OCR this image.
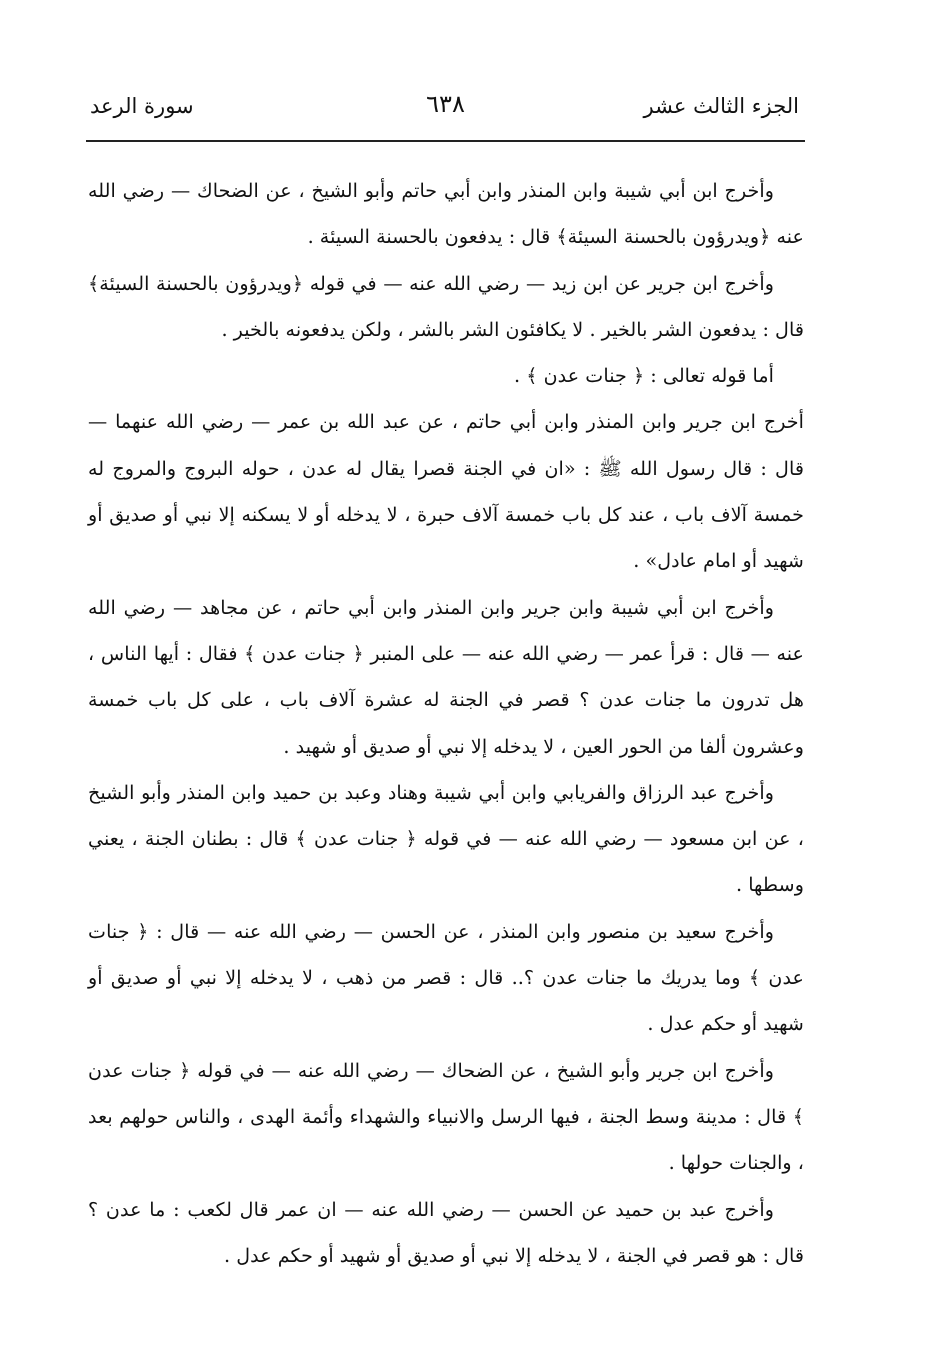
الجزء الثالث عشر
٦٣٨
سورة الرعد

وأخرج ابن أبي شيبة وابن المنذر وابن أبي حاتم وأبو الشيخ ، عن الضحاك — رضي الله عنه ﴿ويدرؤون بالحسنة السيئة﴾ قال : يدفعون بالحسنة السيئة .

وأخرج ابن جرير عن ابن زيد — رضي الله عنه — في قوله ﴿ويدرؤون بالحسنة السيئة﴾ قال : يدفعون الشر بالخير . لا يكافئون الشر بالشر ، ولكن يدفعونه بالخير .

أما قوله تعالى : ﴿ جنات عدن ﴾ .

أخرج ابن جرير وابن المنذر وابن أبي حاتم ، عن عبد الله بن عمر — رضي الله عنهما — قال : قال رسول الله ﷺ : «ان في الجنة قصرا يقال له عدن ، حوله البروج والمروج له خمسة آلاف باب ، عند كل باب خمسة آلاف حبرة ، لا يدخله أو لا يسكنه إلا نبي أو صديق أو شهيد أو امام عادل» .

وأخرج ابن أبي شيبة وابن جرير وابن المنذر وابن أبي حاتم ، عن مجاهد — رضي الله عنه — قال : قرأ عمر — رضي الله عنه — على المنبر ﴿ جنات عدن ﴾ فقال : أيها الناس ، هل تدرون ما جنات عدن ؟ قصر في الجنة له عشرة آلاف باب ، على كل باب خمسة وعشرون ألفا من الحور العين ، لا يدخله إلا نبي أو صديق أو شهيد .

وأخرج عبد الرزاق والفريابي وابن أبي شيبة وهناد وعبد بن حميد وابن المنذر وأبو الشيخ ، عن ابن مسعود — رضي الله عنه — في قوله ﴿ جنات عدن ﴾ قال : بطنان الجنة ، يعني وسطها .

وأخرج سعيد بن منصور وابن المنذر ، عن الحسن — رضي الله عنه — قال : ﴿ جنات عدن ﴾ وما يدريك ما جنات عدن ؟.. قال : قصر من ذهب ، لا يدخله إلا نبي أو صديق أو شهيد أو حكم عدل .

وأخرج ابن جرير وأبو الشيخ ، عن الضحاك — رضي الله عنه — في قوله ﴿ جنات عدن ﴾ قال : مدينة وسط الجنة ، فيها الرسل والانبياء والشهداء وأئمة الهدى ، والناس حولهم بعد ، والجنات حولها .

وأخرج عبد بن حميد عن الحسن — رضي الله عنه — ان عمر قال لكعب : ما عدن ؟ قال : هو قصر في الجنة ، لا يدخله إلا نبي أو صديق أو شهيد أو حكم عدل .
